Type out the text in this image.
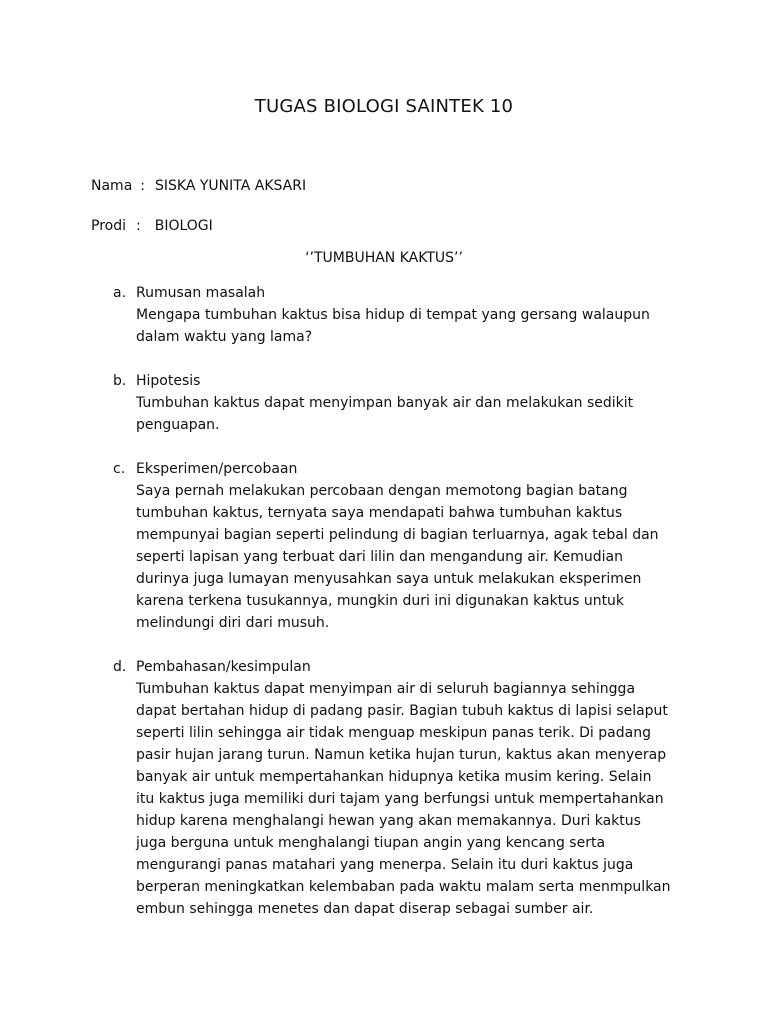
TUGAS BIOLOGI SAINTEK 10
Nama : SISKA YUNITA AKSARI
Prodi : BIOLOGI
‘’TUMBUHAN KAKTUS’’
a. Rumusan masalah
Mengapa tumbuhan kaktus bisa hidup di tempat yang gersang walaupun dalam waktu yang lama?
b. Hipotesis
Tumbuhan kaktus dapat menyimpan banyak air dan melakukan sedikit penguapan.
c. Eksperimen/percobaan
Saya pernah melakukan percobaan dengan memotong bagian batang tumbuhan kaktus, ternyata saya mendapati bahwa tumbuhan kaktus mempunyai bagian seperti pelindung di bagian terluarnya, agak tebal dan seperti lapisan yang terbuat dari lilin dan mengandung air. Kemudian durinya juga lumayan menyusahkan saya untuk melakukan eksperimen karena terkena tusukannya, mungkin duri ini digunakan kaktus untuk melindungi diri dari musuh.
d. Pembahasan/kesimpulan
Tumbuhan kaktus dapat menyimpan air di seluruh bagiannya sehingga dapat bertahan hidup di padang pasir. Bagian tubuh kaktus di lapisi selaput seperti lilin sehingga air tidak menguap meskipun panas terik. Di padang pasir hujan jarang turun. Namun ketika hujan turun, kaktus akan menyerap banyak air untuk mempertahankan hidupnya ketika musim kering. Selain itu kaktus juga memiliki duri tajam yang berfungsi untuk mempertahankan hidup karena menghalangi hewan yang akan memakannya. Duri kaktus juga berguna untuk menghalangi tiupan angin yang kencang serta mengurangi panas matahari yang menerpa. Selain itu duri kaktus juga berperan meningkatkan kelembaban pada waktu malam serta menmpulkan embun sehingga menetes dan dapat diserap sebagai sumber air.
